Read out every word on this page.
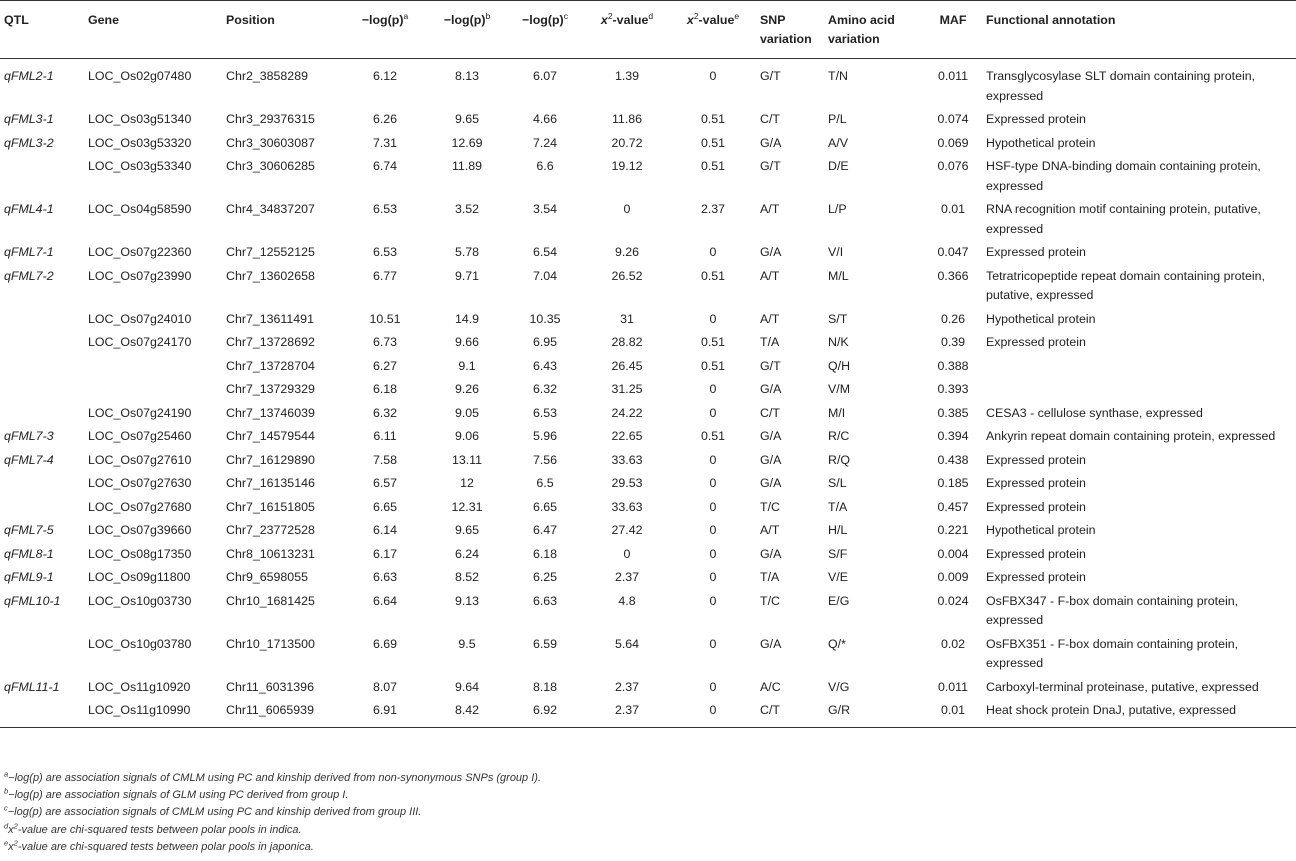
QTL	Gene	Position	$-\log(p)^a$	$-\log(p)^b$	$-\log(p)^c$	$x^2-value^d$	$x^2-value^e$	SNP variation	Amino acid variation	MAF	Functional annotation
qFML2-1	LOC_Os02g07480	Chr2_3858289	6.12	8.13	6.07	1.39	0	G/T	T/N	0.011	Transglycosylase SLT domain containing protein, expressed
qFML3-1	LOC_Os03g51340	Chr3_29376315	6.26	9.65	4.66	11.86	0.51	C/T	P/L	0.074	Expressed protein
qFML3-2	LOC_Os03g53320	Chr3_30603087	7.31	12.69	7.24	20.72	0.51	G/A	A/V	0.069	Hypothetical protein
	LOC_Os03g53340	Chr3_30606285	6.74	11.89	6.6	19.12	0.51	G/T	D/E	0.076	HSF-type DNA-binding domain containing protein, expressed
qFML4-1	LOC_Os04g58590	Chr4_34837207	6.53	3.52	3.54	0	2.37	A/T	L/P	0.01	RNA recognition motif containing protein, putative, expressed
qFML7-1	LOC_Os07g22360	Chr7_12552125	6.53	5.78	6.54	9.26	0	G/A	V/I	0.047	Expressed protein
qFML7-2	LOC_Os07g23990	Chr7_13602658	6.77	9.71	7.04	26.52	0.51	A/T	M/L	0.366	Tetratricopeptide repeat domain containing protein, putative, expressed
	LOC_Os07g24010	Chr7_13611491	10.51	14.9	10.35	31	0	A/T	S/T	0.26	Hypothetical protein
	LOC_Os07g24170	Chr7_13728692	6.73	9.66	6.95	28.82	0.51	T/A	N/K	0.39	Expressed protein
		Chr7_13728704	6.27	9.1	6.43	26.45	0.51	G/T	Q/H	0.388	
		Chr7_13729329	6.18	9.26	6.32	31.25	0	G/A	V/M	0.393	
	LOC_Os07g24190	Chr7_13746039	6.32	9.05	6.53	24.22	0	C/T	M/I	0.385	CESA3 - cellulose synthase, expressed
qFML7-3	LOC_Os07g25460	Chr7_14579544	6.11	9.06	5.96	22.65	0.51	G/A	R/C	0.394	Ankyrin repeat domain containing protein, expressed
qFML7-4	LOC_Os07g27610	Chr7_16129890	7.58	13.11	7.56	33.63	0	G/A	R/Q	0.438	Expressed protein
	LOC_Os07g27630	Chr7_16135146	6.57	12	6.5	29.53	0	G/A	S/L	0.185	Expressed protein
	LOC_Os07g27680	Chr7_16151805	6.65	12.31	6.65	33.63	0	T/C	T/A	0.457	Expressed protein
qFML7-5	LOC_Os07g39660	Chr7_23772528	6.14	9.65	6.47	27.42	0	A/T	H/L	0.221	Hypothetical protein
qFML8-1	LOC_Os08g17350	Chr8_10613231	6.17	6.24	6.18	0	0	G/A	S/F	0.004	Expressed protein
qFML9-1	LOC_Os09g11800	Chr9_6598055	6.63	8.52	6.25	2.37	0	T/A	V/E	0.009	Expressed protein
qFML10-1	LOC_Os10g03730	Chr10_1681425	6.64	9.13	6.63	4.8	0	T/C	E/G	0.024	OsFBX347 - F-box domain containing protein, expressed
	LOC_Os10g03780	Chr10_1713500	6.69	9.5	6.59	5.64	0	G/A	Q/*	0.02	OsFBX351 - F-box domain containing protein, expressed
qFML11-1	LOC_Os11g10920	Chr11_6031396	8.07	9.64	8.18	2.37	0	A/C	V/G	0.011	Carboxyl-terminal proteinase, putative, expressed
	LOC_Os11g10990	Chr11_6065939	6.91	8.42	6.92	2.37	0	C/T	G/R	0.01	Heat shock protein DnaJ, putative, expressed
$^a$−log(p) are association signals of CMLM using PC and kinship derived from non-synonymous SNPs (group I).
$^b$−log(p) are association signals of GLM using PC derived from group I.
$^c$−log(p) are association signals of CMLM using PC and kinship derived from group III.
$^dx^2$-value are chi-squared tests between polar pools in indica.
$^ex^2$-value are chi-squared tests between polar pools in japonica.
